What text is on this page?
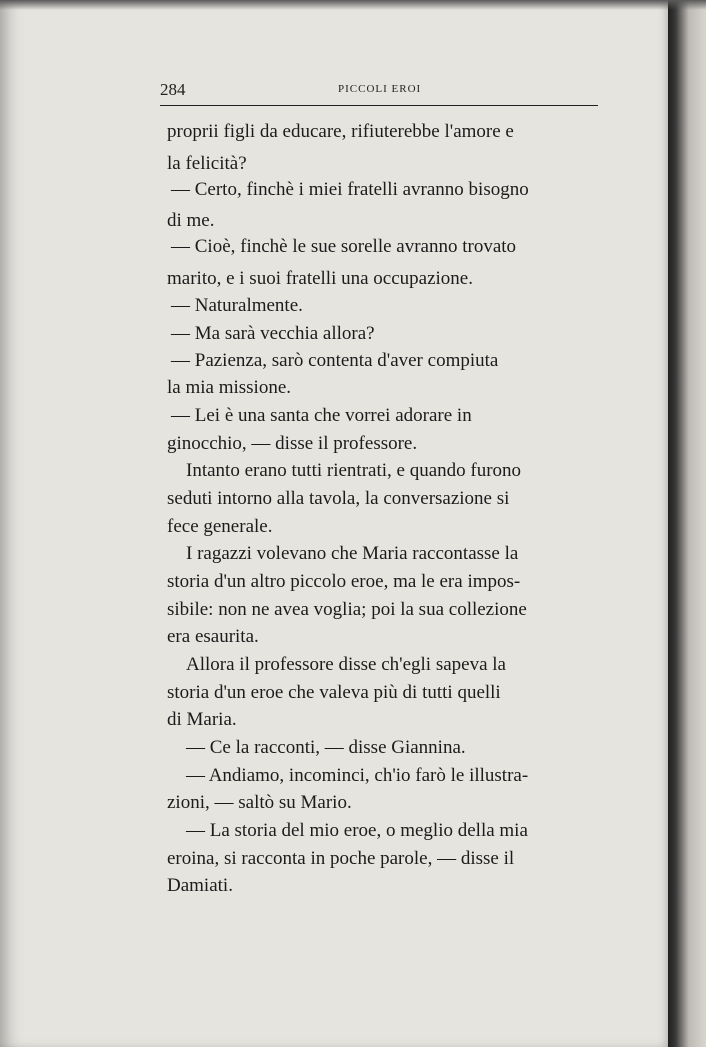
284	PICCOLI EROI
proprii figli da educare, rifiuterebbe l'amore e
la felicità?
— Certo, finchè i miei fratelli avranno bisogno
di me.
— Cioè, finchè le sue sorelle avranno trovato
marito, e i suoi fratelli una occupazione.
— Naturalmente.
— Ma sarà vecchia allora?
— Pazienza, sarò contenta d'aver compiuta
la mia missione.
— Lei è una santa che vorrei adorare in
ginocchio, — disse il professore.
Intanto erano tutti rientrati, e quando furono
seduti intorno alla tavola, la conversazione si
fece generale.
I ragazzi volevano che Maria raccontasse la
storia d'un altro piccolo eroe, ma le era impos-
sibile: non ne avea voglia; poi la sua collezione
era esaurita.
Allora il professore disse ch'egli sapeva la
storia d'un eroe che valeva più di tutti quelli
di Maria.
— Ce la racconti, — disse Giannina.
— Andiamo, incominci, ch'io farò le illustra-
zioni, — saltò su Mario.
— La storia del mio eroe, o meglio della mia
eroina, si racconta in poche parole, — disse il
Damiati.
